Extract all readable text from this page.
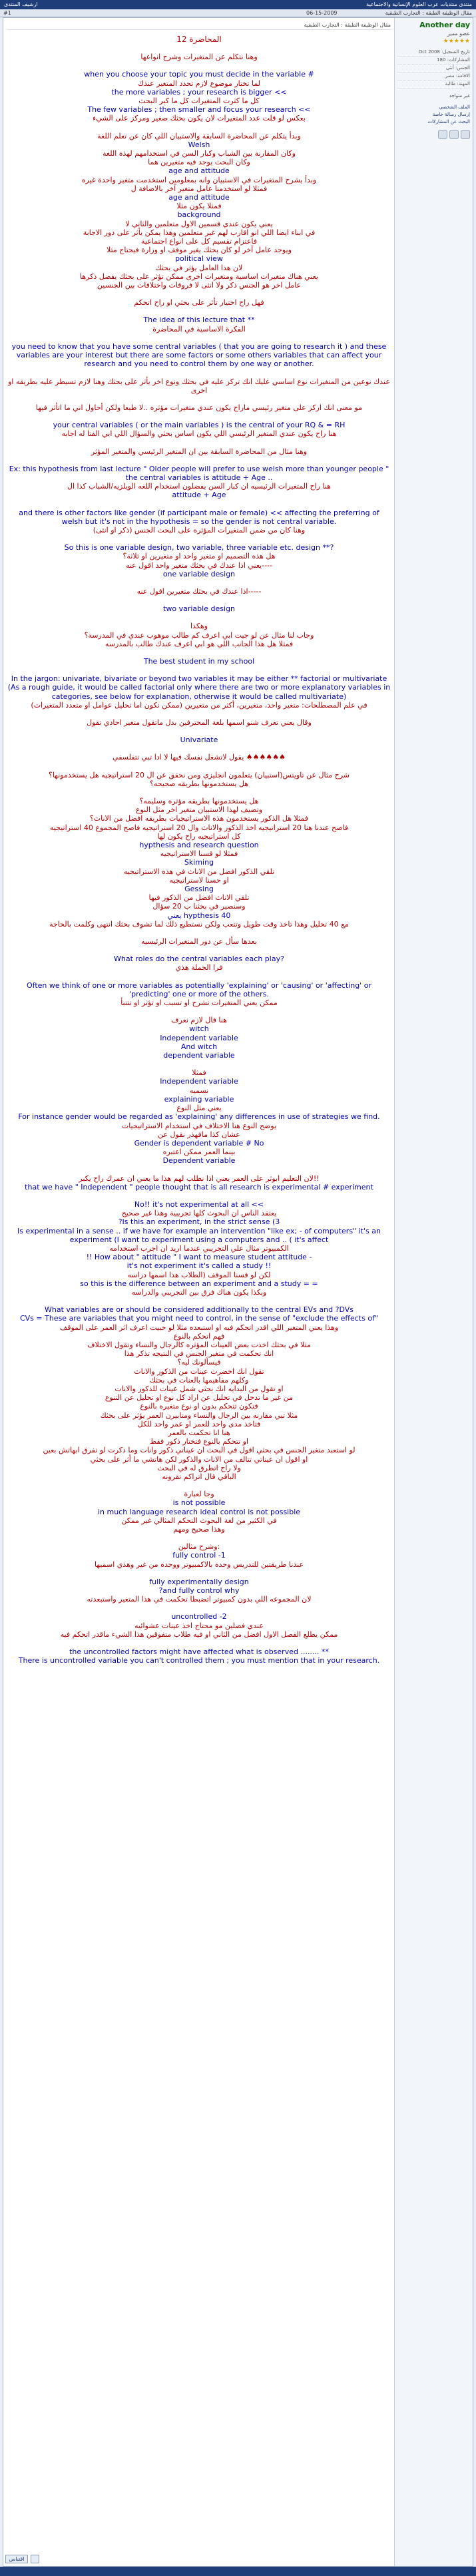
منتدى منتديات عرب العلوم الإنسانية والاجتماعية
ارشيف المنتدى
مقال الوظيفة الطبقة : التجارب الطبقية
06-15-2009
#1
Another day
عضو مميز
★★★★★
تاريخ التسجيل: Oct 2008
المشاركات: 180
الجنس: أنثى
الاقامة: مصر
المهنة: طالبة
غير متواجد
الملف الشخصي
إرسال رسالة خاصة
البحث عن المشاركات
مقال الوظيفة الطبقة : التجارب الطبقية

المحاضرة 12

وهنا نتكلم عن المتغيرات وشرح انواعها

when you choose your topic you must decide in the variable #

لما تختار موضوع لازم تحدد المتغير عندك

the more variables ; your research is bigger <<

كل ما كثرت المتغيرات كل ما كبر البحث

The few variables ; then smaller and focus your research <<

بعكس لو قلت عدد المتغيرات لان يكون بحثك صغير ومركز على الشيء

وبدأ يتكلم عن المحاضرة السابقة والاستبيان اللي كان عن تعلم اللغة

Welsh

وكان المقارنة بين الشباب وكبار السن في استخدامهم لهذه اللغة

وكان البحث يوجد فيه متغيرين هما

age and attitude

وبدأ يشرح المتغيرات في الاستبيان وانه بمعلومين استخدمت متغير واحدة غيره

فمثلا لو استخدمنا عامل متغير آخر بالاضافة ل

age and attitude

فمثلا يكون مثلا

background

يعني يكون عندي قسمين الاول متعلمين والثاني لا

في ابناء ايضا اللي انو اقارب لهم غير متعلمين وهذا يمكن يأثر على دور الاجابة

فاعتزام تقسيم كل على انواع اجتماعية

ويوجد عامل آخر لو كان بحثك يغير موقف او وزارة فيحتاج مثلا

political view

لان هذا العامل يؤثر في بحثك

يعني هناك متغيرات اساسية ومتغيرات اخرى ممكن تؤثر على بحثك يفضل ذكرها

عامل اخر هو الجنس ذكر ولا انثى لا فروقات واختلافات بين الجنسين

فهل راح اختيار تأثر على بحثي او راح اتحكم

The idea of this lecture that **

الفكرة الاساسية في المحاضرة

you need to know that you have some central variables ( that you are going to research it ) and these variables are your interest but there are some factors or some others variables that can affect your research and you need to control them by one way or another.

عندك نوعين من المتغيرات نوع اساسي عليك انك تركز عليه في بحثك ونوع اخر يأثر على بحثك وهنا لازم تسيطر عليه بطريقه او اخرى

مو معنى انك اركز على متغير رئيسي ماراح يكون عندي متغيرات مؤثره ..لا طبعا ولكن أحاول اني ما اتأثر فيها

your central variables ( or the main variables ) is the central of your RQ & = RH

هنا راح يكون عندي المتغير الرئيسي اللي يكون اساس بحثي والسؤال اللي ابي الفتا له اجابه

وهنا مثال من المحاضرة السابقة بين ان المتغير الرئيسي والمتغير المؤثر

Ex: this hypothesis from last lecture " Older people will prefer to use welsh more than younger people " the central variables is attitude + Age ..

هنا راح المتغيرات الرئيسيه ان كبار السن يفضلون استخدام اللغه الويلزيه/الشباب كذا ال

attitude + Age

and there is other factors like gender (if participant male or female) << affecting the preferring of welsh but it's not in the hypothesis = so the gender is not central variable.

وهنا كان من ضمن المتغيرات المؤثره على البحث الجنس (ذكر او انثى)

So this is one variable design, two variable, three variable etc. design **?

هل هذه التصميم او متغير واحد او متغيرين او ثلاثة؟

يعني اذا عندك في بحثك متغير واحد اقول عنه----

one variable design

اذا عندك في بحثك متغيرين اقول عنه-----

two variable design

وهكذا

وجاب لنا مثال عن لو جيت ابي اعرف كم طالب موهوب عندي في المدرسة؟

فمثلا هل هذا الجانب اللي هو ابي اعرف عندك طالب بالمدرسه

The best student in my school

In the jargon: univariate, bivariate or beyond two variables it may be either ** factorial or multivariate (As a rough guide, it would be called factorial only where there are two or more explanatory variables in categories, see below for explanation, otherwise it would be called multivariate)

في علم المصطلحات: متغير واحد، متغيرين، أكثر من متغيرين (ممكن تكون اما تحليل عوامل او متعدد المتغيرات)

وقال يعني تعرف شنو اسمها بلغة المحترفين بدل ماتقول متغير احادي تقول

Univariate

يقول لاتشغل نفسك فيها لا ادا تبي تتفلسفي ♠♠♠♠♠♠

شرح مثال عن تاويتس(استبيان) يتعلمون انجليزي ومن نحقق عن ال 20 استراتيجيه هل يستخدمونها؟

هل يستخدمونها بطريقه صحيحه؟

هل يستخدمونها بطريقه مؤثره وسليمه؟

وتضيف لهذا الاستبيان متغير اخر مثل النوع

فمثلا هل الذكور يستخدمون هذه الاستراتيجيات بطريقه افضل من الاناث؟

فاصح عندنا هنا 20 استراتيجيه اخذ الذكور والاناث وال 20 استراتيجيه فاصح المجموع 40 استراتيجيه

كل استراتيجيه راح يكون لها

hypthesis and research question

فمثلا لو قسنا الاستراتيجيه

Skiming

تلقي الذكور افضل من الاناث في هذه الاستراتيجيه

او حسنا لاستراتيجيه

Gessing

تلقي الاناث افضل من الذكور فيها

وسنصير في بحثنا ب 20 سؤال

يعني hypthesis 40

مع 40 تحليل وهذا تاخذ وقت طويل وتتعب ولكن نستطيع ذلك لما تشوف بحثك انتهى وكلمت بالحاجة

بعدها سأل عن دور المتغيرات الرئيسيه

What roles do the central variables each play?

فرا الجملة هذي

Often we think of one or more variables as potentially 'explaining' or 'causing' or 'affecting' or 'predicting' one or more of the others.

ممكن يعني المتغيرات تشرح او تسبب او تؤثر او تتنبأ

هنا قال لازم نعرف

witch

Independent variable

And witch

dependent variable

فمثلا

Independent variable

نسميه

explaining variable

يعني مثل النوع

For instance gender would be regarded as 'explaining' any differences in use of strategies we find.

يوضح النوع هنا الاختلاف في استخدام الاستراتيجيات

عشان كذا مافهذر نقول عن

Gender is dependent variable # No

بينما العمر ممكن اعتبره

Dependent variable

لان التعليم ابوثر على العمر يعني اذا نطلب لهم هذا ما يعني ان عمرك راح يكبر!!

that we have " Independent " people thought that is all research is experimental # experiment

No!! it's not experimental at all <<

يعتقد الناس ان البحوث كلها تجريبية وهذا غير صحيح

?Is this an experiment, in the strict sense (3

Is experimental in a sense .. if we have for example an intervention "like ex; - of computers" it's an experiment (I want to experiment using a computers and .. ( it's affect

الكمبيوتر مثال علي التجريبي عندما اريد ان اجرب استخدامه

!! How about " attitude " I want to measure student attitude -

it's not experiment it's called a study !!

لكن لو قسنا الموقف (الطلاب هذا اسمها دراسه

so this is the difference between an experiment and a study = =

وبكذا يكون هناك فرق بين التجريبي والدراسه

What variables are or should be considered additionally to the central EVs and ?DVs

CVs = These are variables that you might need to control, in the sense of "exclude the effects of"

وهذا يعني المتغير اللي اقدر اتحكم فيه او استبعده مثلا لو حبيت اعرف اثر العمر على الموقف

فهم اتحكم بالنوع

مثلا في بحثك اخذت بعض العينات المؤثره كالرجال والنساء وتقول الاختلاف

انك تحكمت في متغير الجنس في النتيجه تذكر هذا

فيسألونك ليه؟

تقول انك اخضرت عينات من الذكور والاناث

وكلهم مفاهيمها بالعنات في بحثك

او تقول من البدايه انك بحثي شمل عينات للذكور والانات

من غير ما تدخل في تحليل عن اراد كل نوع او تحليل عن التنوع

فتكون تتحكم بدون او نوع متغيره بالنوع

مثلا تبي مقارنه بين الرجال والنساء ومتابيرن العمر يؤثر على بحثك

فتاخذ مدى واحد للعمر او عمر واحد للكل

هنا انا تحكمت بالعمر

او تتحكم بالنوع فتختار ذكور فقط

لو استعبد متغير الجنس في بحثي اقول في البحث ان عيناتي ذكور وانات وما ذكرت لو تفرق ابهاتش بعين

او اقول ان عيناتي تتالف من الانات والذكور لكن هاتشي ما أثر على بحثي

ولا راح اتطرق له في البحث

الباقي قال اتراكم تقرونه

وجا لعبارة

is not possible

in much language research ideal control is not possible

في الكثير من لغة البحوث التحكم المثالي غير ممكن

وهذا صحيح ومهم

وشرح مثالين:

fully control -1

عندنا طريقتين للتدريس وحده بالاكمبيوتر ووحده من غير وهذي اسميها

fully experimentally design

?and fully control why

لان المجموعه اللي بدون كمبيوتر اتضبطا تحكمت في هذا المتغير واستبعدته

uncontrolled -2

عندي فصلين مو محتاج اخذ عينات عشوائيه

ممكن يطلع الفصل الاول افضل من الثاني او فيه طلاب متفوقين هذا الشيء ماقدر اتحكم فيه

the uncontrolled factors might have affected what is observed ........ **

There is uncontrolled variable you can't controlled them ; you must mention that in your research.

اقتباس
